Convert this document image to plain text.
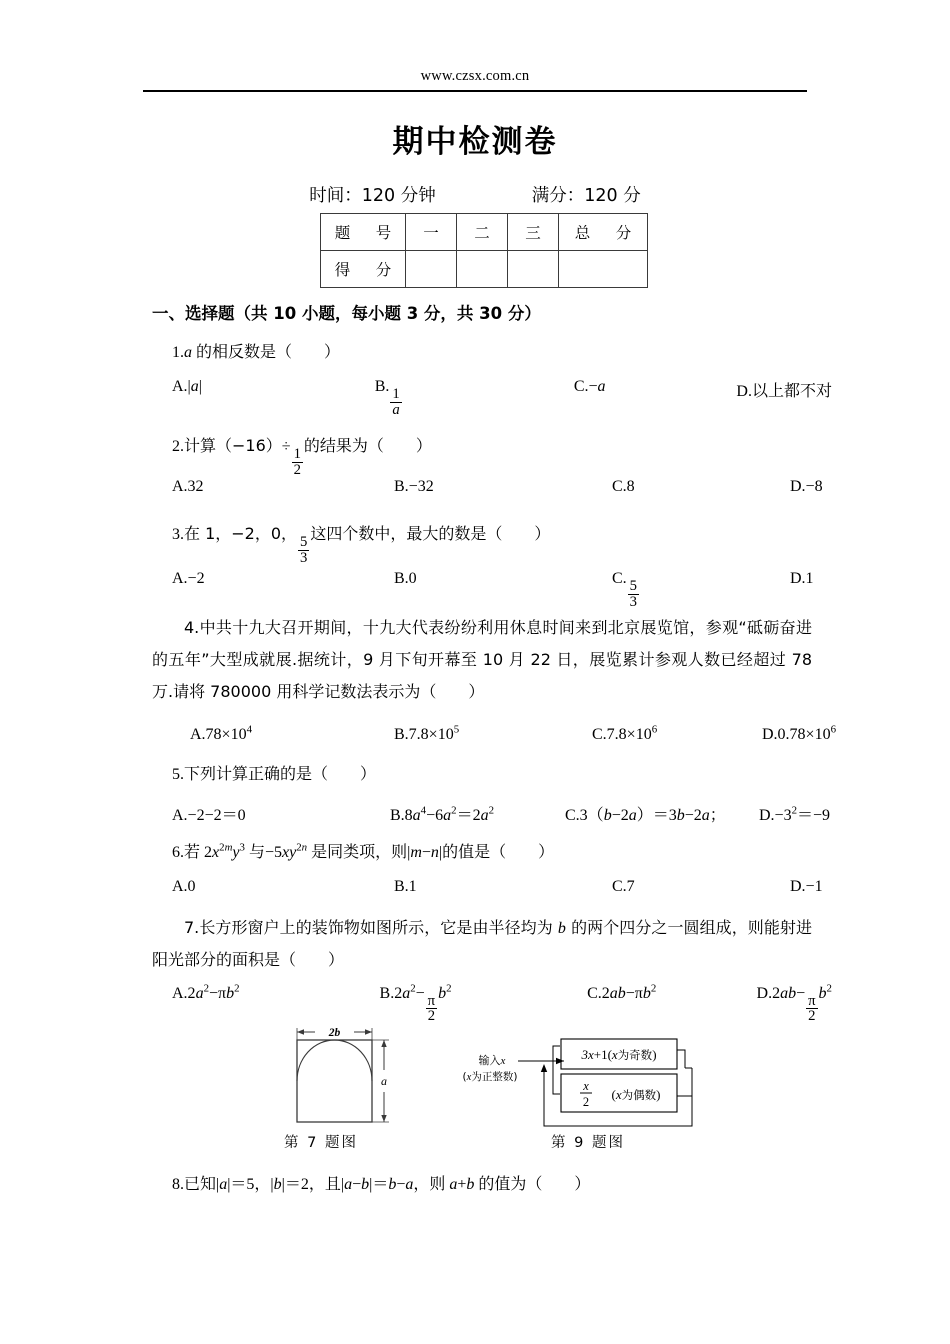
www.czsx.com.cn
期中检测卷
时间：120 分钟	满分：120 分
题　号	一	二	三	总　分
得　分				
一、选择题（共 10 小题，每小题 3 分，共 30 分）
1.a 的相反数是（　　）
A.|a|	B.
$\frac{1}{a}$
C.−a	D.以上都不对
2.计算（−16）÷
$\frac{1}{2}$
的结果为（　　）
A.32	B.−32	C.8	D.−8
3.在 1，−2，0，
$\frac{5}{3}$
这四个数中，最大的数是（　　）
A.−2	B.0	C.
$\frac{5}{3}$
D.1
4.中共十九大召开期间，十九大代表纷纷利用休息时间来到北京展览馆，参观“砥砺奋进的五年”大型成就展.据统计，9 月下旬开幕至 10 月 22 日，展览累计参观人数已经超过 78 万.请将 780000 用科学记数法表示为（　　）
$A.78\times 10^4$	$B.7.8\times 10^5$	$C.7.8\times 10^6$	$D.0.78\times 10^6$
5.下列计算正确的是（　　）
A.−2−2＝0	$B.8a^4-6a^2=2a^2$	C.3（b−2a）＝3b−2a；	$D.-3^2=-9$
6.若 $2x^{2m}y^3$ 与$-5xy^{2n}$ 是同类项，则|m−n|的值是（　　）
A.0	B.1	C.7	D.−1
7.长方形窗户上的装饰物如图所示，它是由半径均为 b 的两个四分之一圆组成，则能射进阳光部分的面积是（　　）
$A.2a^2-\pi b^2$	$B.2a^2-$
$\frac{\pi}{2}$
$b^2$	$C.2ab-\pi b^2$	D.2ab−
$\frac{\pi}{2}$
$b^2$
2b
a
第 7 题图
输入x
(x为正整数)
3x+1(x为奇数)
x
2 (x为偶数)
第 9 题图
8.已知|a|＝5，|b|＝2，且|a−b|＝b−a，则 a+b 的值为（　　）
